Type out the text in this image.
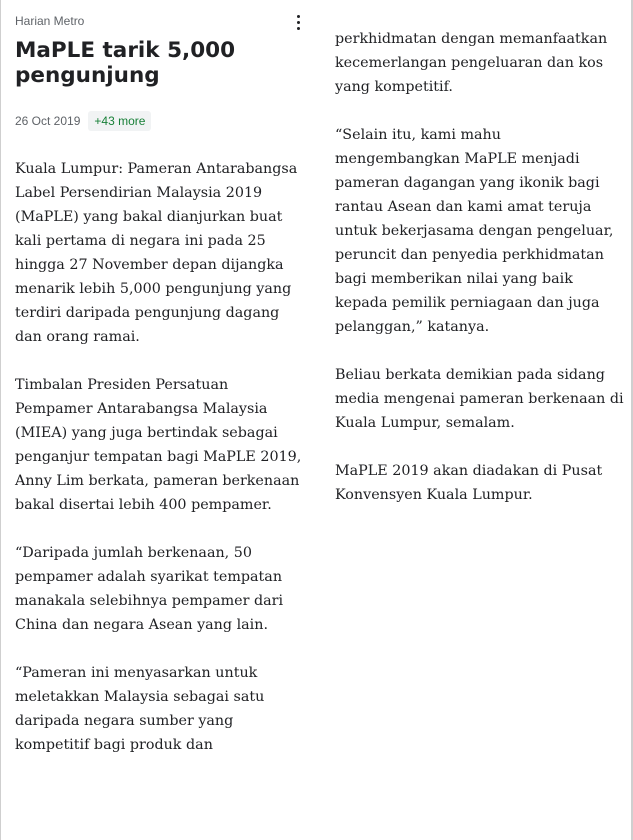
Harian Metro

MaPLE tarik 5,000 pengunjung
26 Oct 2019	+43 more

Kuala Lumpur: Pameran Antarabangsa Label Persendirian Malaysia 2019 (MaPLE) yang bakal dianjurkan buat kali pertama di negara ini pada 25 hingga 27 November depan dijangka menarik lebih 5,000 pengunjung yang terdiri daripada pengunjung dagang dan orang ramai.

Timbalan Presiden Persatuan Pempamer Antarabangsa Malaysia (MIEA) yang juga bertindak sebagai penganjur tempatan bagi MaPLE 2019, Anny Lim berkata, pameran berkenaan bakal disertai lebih 400 pempamer.

“Daripada jumlah berkenaan, 50 pempamer adalah syarikat tempatan manakala selebihnya pempamer dari China dan negara Asean yang lain.

“Pameran ini menyasarkan untuk meletakkan Malaysia sebagai satu daripada negara sumber yang kompetitif bagi produk dan

perkhidmatan dengan memanfaatkan kecemerlangan pengeluaran dan kos yang kompetitif.

“Selain itu, kami mahu mengembangkan MaPLE menjadi pameran dagangan yang ikonik bagi rantau Asean dan kami amat teruja untuk bekerjasama dengan pengeluar, peruncit dan penyedia perkhidmatan bagi memberikan nilai yang baik kepada pemilik perniagaan dan juga pelanggan,” katanya.

Beliau berkata demikian pada sidang media mengenai pameran berkenaan di Kuala Lumpur, semalam.

MaPLE 2019 akan diadakan di Pusat Konvensyen Kuala Lumpur.
